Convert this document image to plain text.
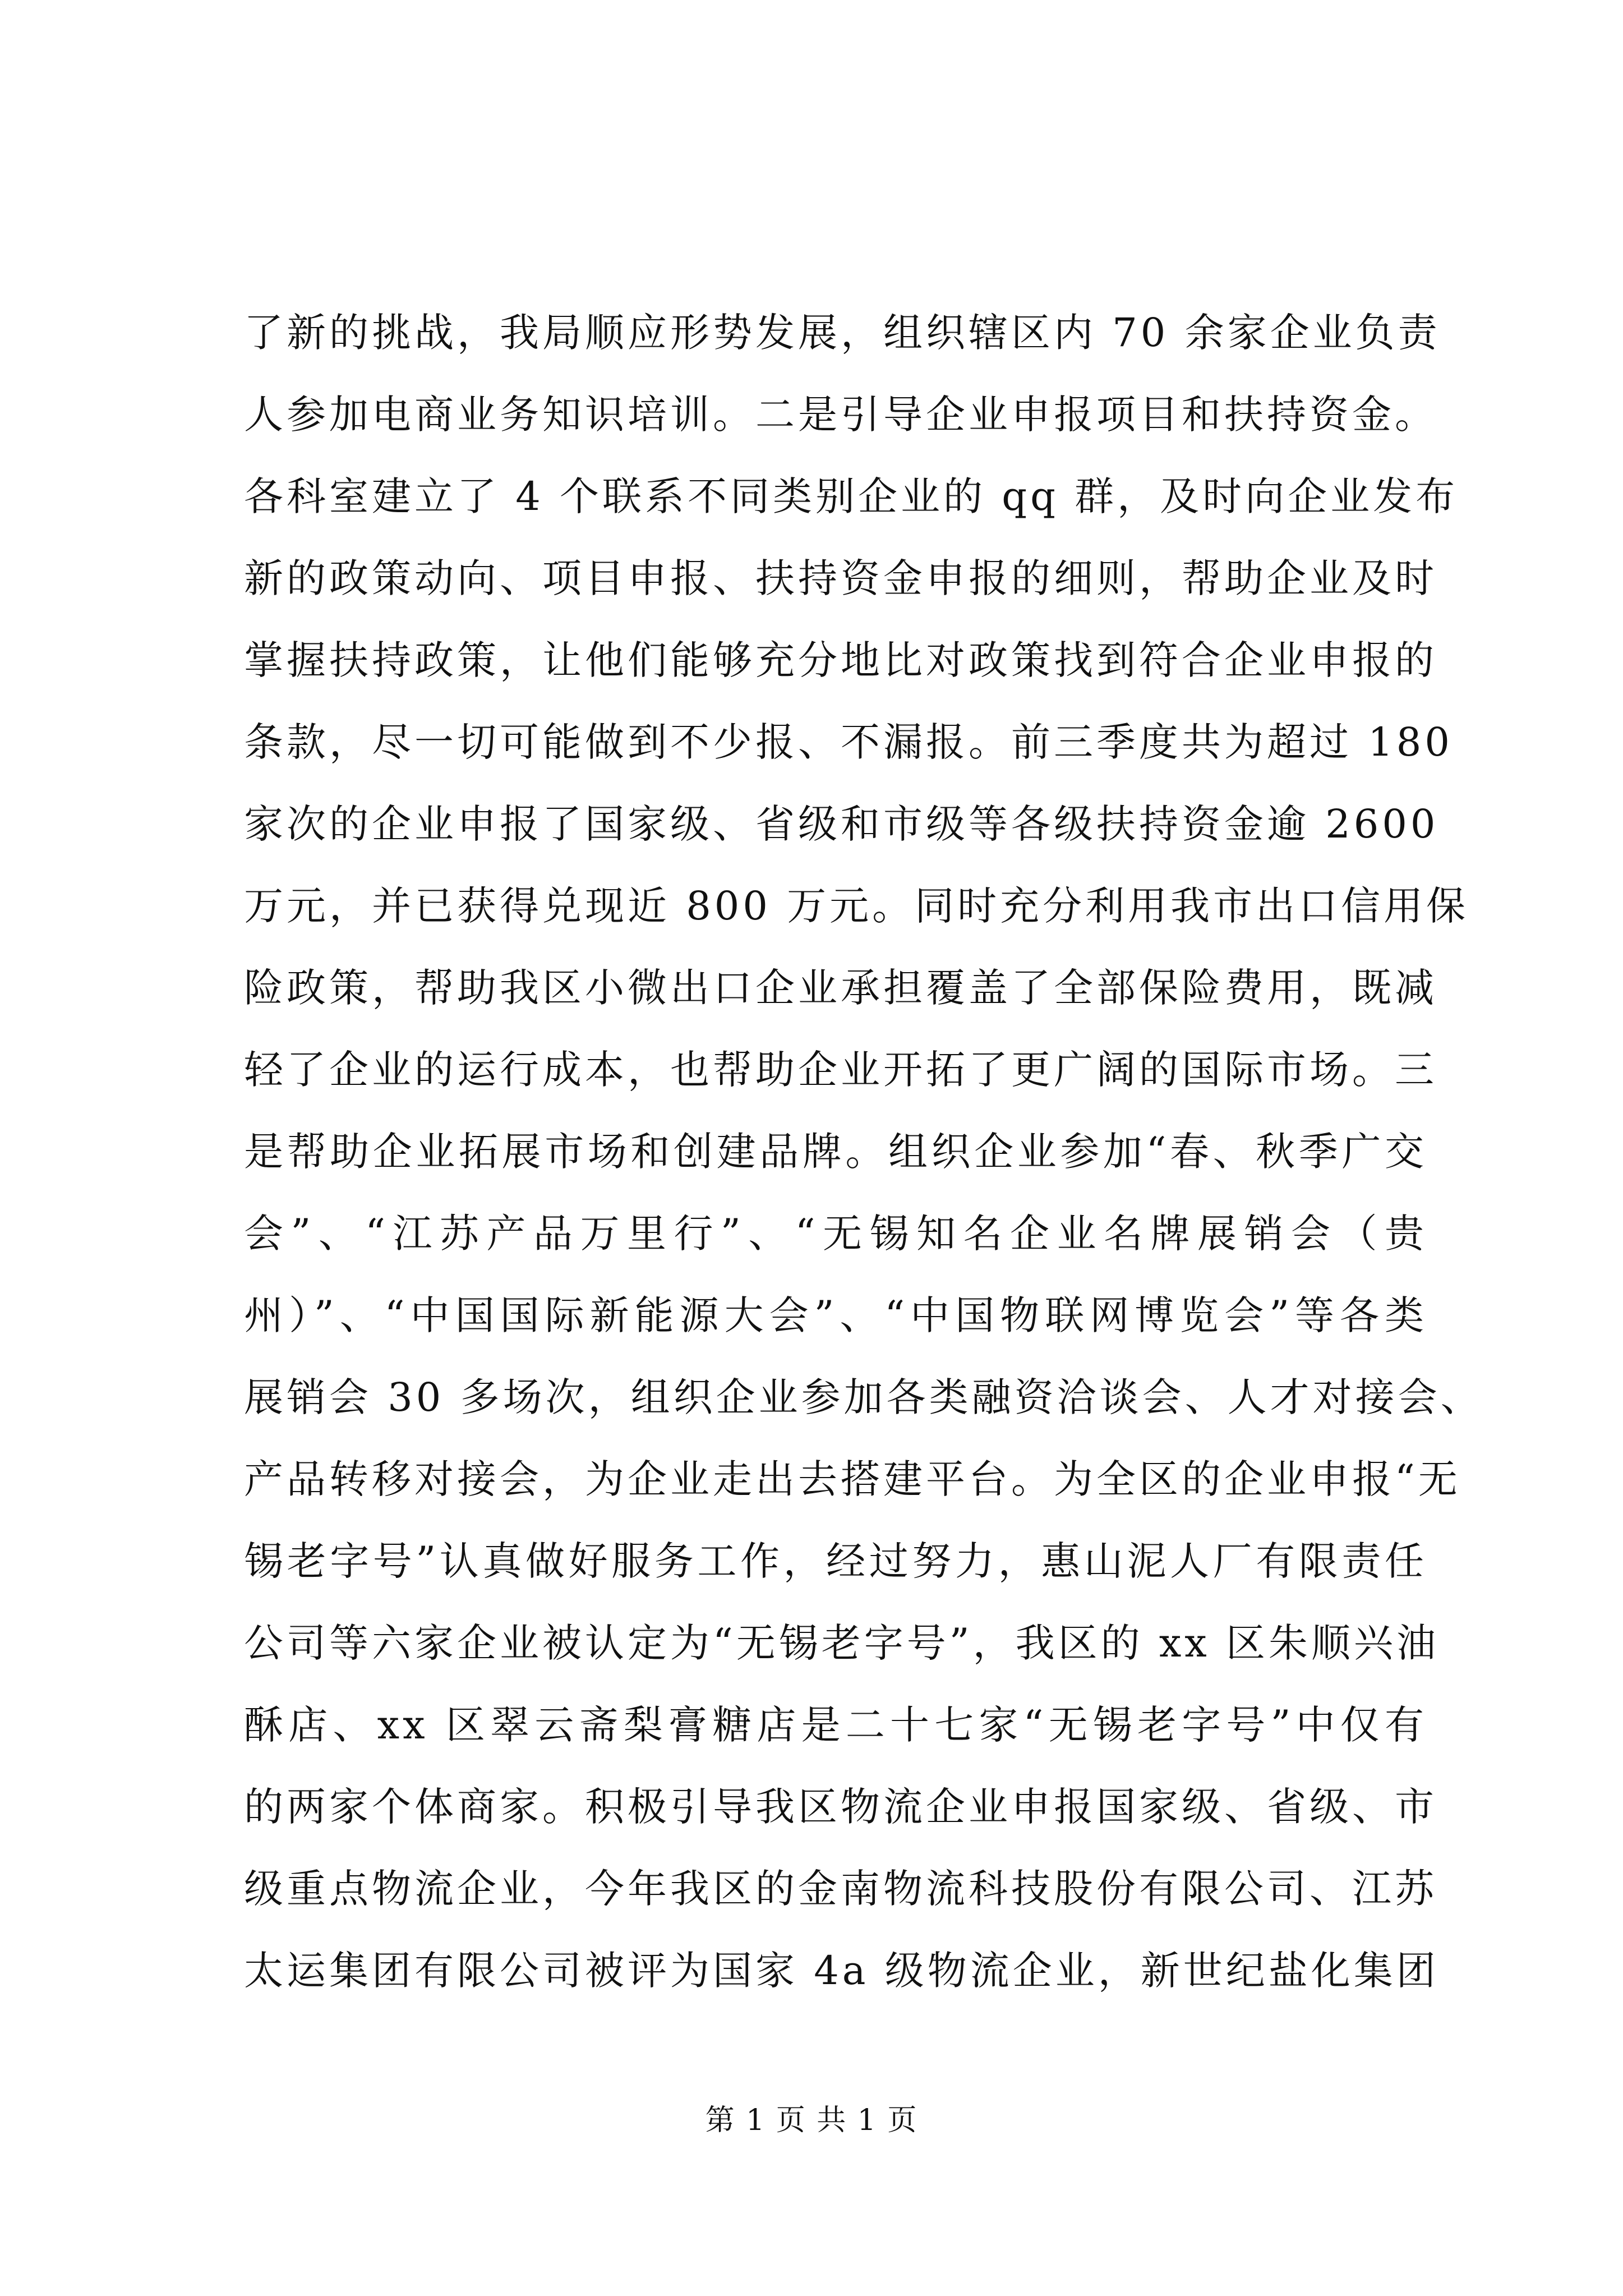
了新的挑战，我局顺应形势发展，组织辖区内 70 余家企业负责
人参加电商业务知识培训。二是引导企业申报项目和扶持资金。
各科室建立了 4 个联系不同类别企业的 qq 群，及时向企业发布
新的政策动向、项目申报、扶持资金申报的细则，帮助企业及时
掌握扶持政策，让他们能够充分地比对政策找到符合企业申报的
条款，尽一切可能做到不少报、不漏报。前三季度共为超过 180
家次的企业申报了国家级、省级和市级等各级扶持资金逾 2600
万元，并已获得兑现近 800 万元。同时充分利用我市出口信用保
险政策，帮助我区小微出口企业承担覆盖了全部保险费用，既减
轻了企业的运行成本，也帮助企业开拓了更广阔的国际市场。三
是帮助企业拓展市场和创建品牌。组织企业参加“春、秋季广交
会”、“江苏产品万里行”、“无锡知名企业名牌展销会（贵
州）”、“中国国际新能源大会”、“中国物联网博览会”等各类
展销会 30 多场次，组织企业参加各类融资洽谈会、人才对接会、
产品转移对接会，为企业走出去搭建平台。为全区的企业申报“无
锡老字号”认真做好服务工作，经过努力，惠山泥人厂有限责任
公司等六家企业被认定为“无锡老字号”，我区的 xx 区朱顺兴油
酥店、xx 区翠云斋梨膏糖店是二十七家“无锡老字号”中仅有
的两家个体商家。积极引导我区物流企业申报国家级、省级、市
级重点物流企业，今年我区的金南物流科技股份有限公司、江苏
太运集团有限公司被评为国家 4a 级物流企业，新世纪盐化集团
第 1 页 共 1 页
